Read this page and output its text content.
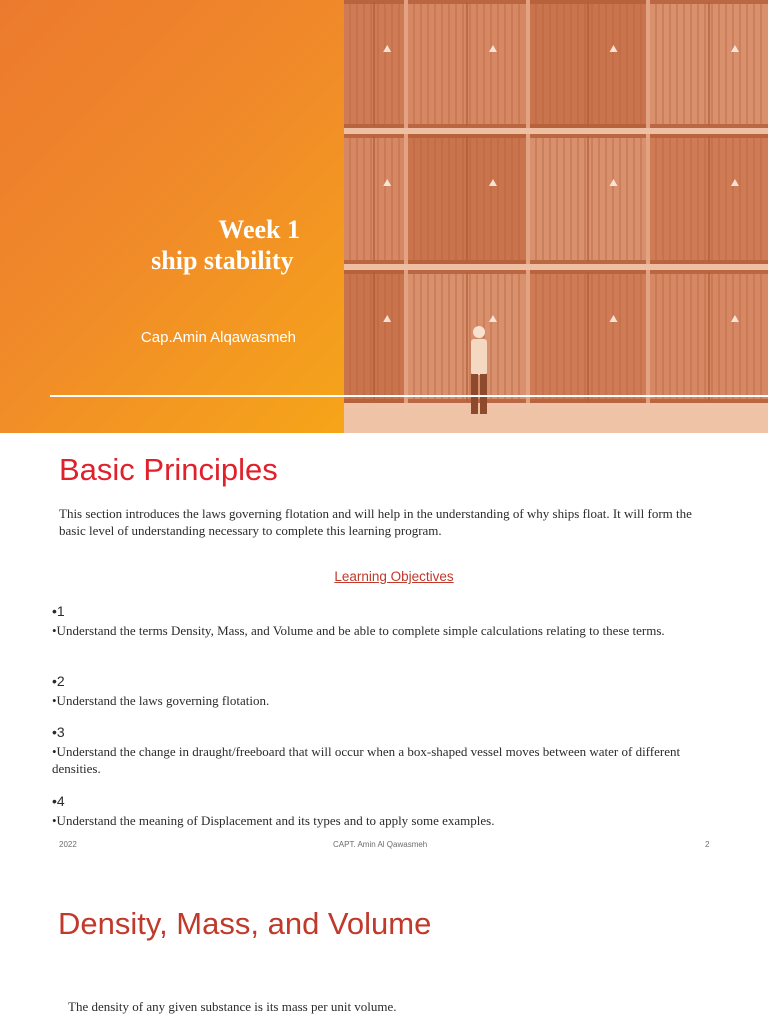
Week 1
ship stability
Cap.Amin Alqawasmeh
Basic Principles
This section introduces the laws governing flotation and will help in the understanding of why ships float. It will form the basic level of understanding necessary to complete this learning program.
Learning Objectives
•1
•Understand the terms Density, Mass, and Volume and be able to complete simple calculations relating to these terms.
•2
•Understand the laws governing flotation.
•3
•Understand the change in draught/freeboard that will occur when a box-shaped vessel moves between water of different densities.
•4
•Understand the meaning of Displacement and its types and to apply some examples.
2022	CAPT. Amin Al Qawasmeh	2
Density, Mass, and Volume
The density of any given substance is its mass per unit volume.
